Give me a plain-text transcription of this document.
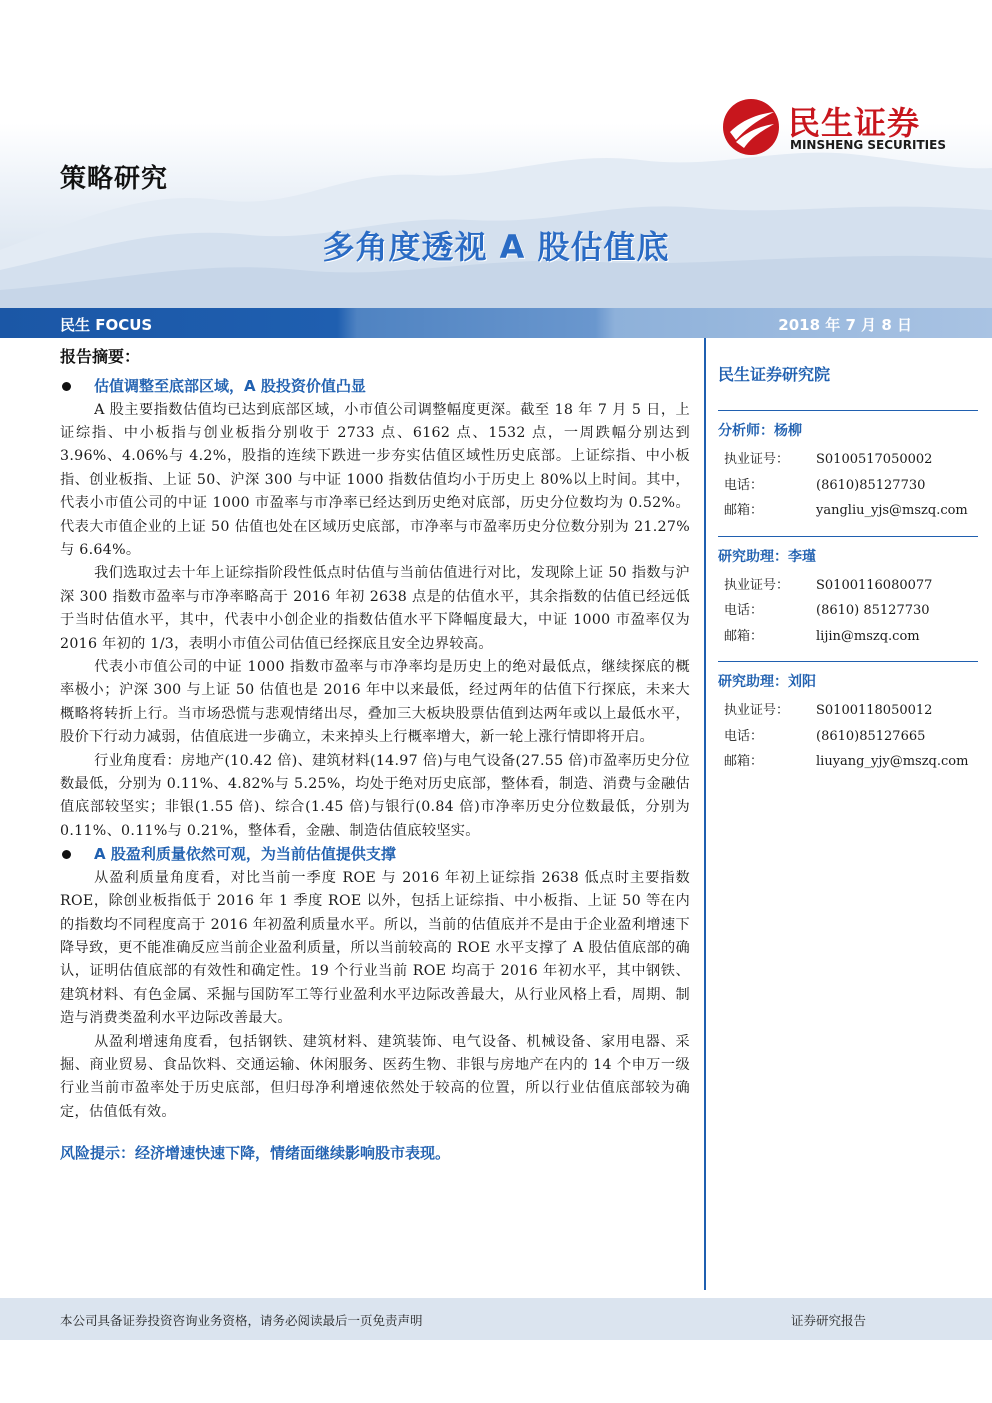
民生证券
MINSHENG SECURITIES
策略研究
多角度透视 A 股估值底
民生 FOCUS	2018 年 7 月 8 日
报告摘要：
估值调整至底部区域，A 股投资价值凸显

A 股主要指数估值均已达到底部区域，小市值公司调整幅度更深。截至 18 年 7 月 5 日，上证综指、中小板指与创业板指分别收于 2733 点、6162 点、1532 点，一周跌幅分别达到 3.96%、4.06%与 4.2%，股指的连续下跌进一步夯实估值区域性历史底部。上证综指、中小板指、创业板指、上证 50、沪深 300 与中证 1000 指数估值均小于历史上 80%以上时间。其中，代表小市值公司的中证 1000 市盈率与市净率已经达到历史绝对底部，历史分位数均为 0.52%。代表大市值企业的上证 50 估值也处在区域历史底部，市净率与市盈率历史分位数分别为 21.27%与 6.64%。

我们选取过去十年上证综指阶段性低点时估值与当前估值进行对比，发现除上证 50 指数与沪深 300 指数市盈率与市净率略高于 2016 年初 2638 点是的估值水平，其余指数的估值已经远低于当时估值水平，其中，代表中小创企业的指数估值水平下降幅度最大，中证 1000 市盈率仅为 2016 年初的 1/3，表明小市值公司估值已经探底且安全边界较高。

代表小市值公司的中证 1000 指数市盈率与市净率均是历史上的绝对最低点，继续探底的概率极小；沪深 300 与上证 50 估值也是 2016 年中以来最低，经过两年的估值下行探底，未来大概略将转折上行。当市场恐慌与悲观情绪出尽，叠加三大板块股票估值到达两年或以上最低水平，股价下行动力减弱，估值底进一步确立，未来掉头上行概率增大，新一轮上涨行情即将开启。

行业角度看：房地产(10.42 倍)、建筑材料(14.97 倍)与电气设备(27.55 倍)市盈率历史分位数最低，分别为 0.11%、4.82%与 5.25%，均处于绝对历史底部，整体看，制造、消费与金融估值底部较坚实；非银(1.55 倍)、综合(1.45 倍)与银行(0.84 倍)市净率历史分位数最低，分别为 0.11%、0.11%与 0.21%，整体看，金融、制造估值底较坚实。

A 股盈利质量依然可观，为当前估值提供支撑

从盈利质量角度看，对比当前一季度 ROE 与 2016 年初上证综指 2638 低点时主要指数 ROE，除创业板指低于 2016 年 1 季度 ROE 以外，包括上证综指、中小板指、上证 50 等在内的指数均不同程度高于 2016 年初盈利质量水平。所以，当前的估值底并不是由于企业盈利增速下降导致，更不能准确反应当前企业盈利质量，所以当前较高的 ROE 水平支撑了 A 股估值底部的确认，证明估值底部的有效性和确定性。19 个行业当前 ROE 均高于 2016 年初水平，其中钢铁、建筑材料、有色金属、采掘与国防军工等行业盈利水平边际改善最大，从行业风格上看，周期、制造与消费类盈利水平边际改善最大。

从盈利增速角度看，包括钢铁、建筑材料、建筑装饰、电气设备、机械设备、家用电器、采掘、商业贸易、食品饮料、交通运输、休闲服务、医药生物、非银与房地产在内的 14 个申万一级行业当前市盈率处于历史底部，但归母净利增速依然处于较高的位置，所以行业估值底部较为确定，估值低有效。

风险提示：经济增速快速下降，情绪面继续影响股市表现。
民生证券研究院
分析师：杨柳
执业证号：	S0100517050002
电话：	(8610)85127730
邮箱：	yangliu_yjs@mszq.com
研究助理：李瑾
执业证号：	S0100116080077
电话：	(8610) 85127730
邮箱：	lijin@mszq.com
研究助理：刘阳
执业证号：	S0100118050012
电话：	(8610)85127665
邮箱：	liuyang_yjy@mszq.com
本公司具备证券投资咨询业务资格，请务必阅读最后一页免责声明	证券研究报告
